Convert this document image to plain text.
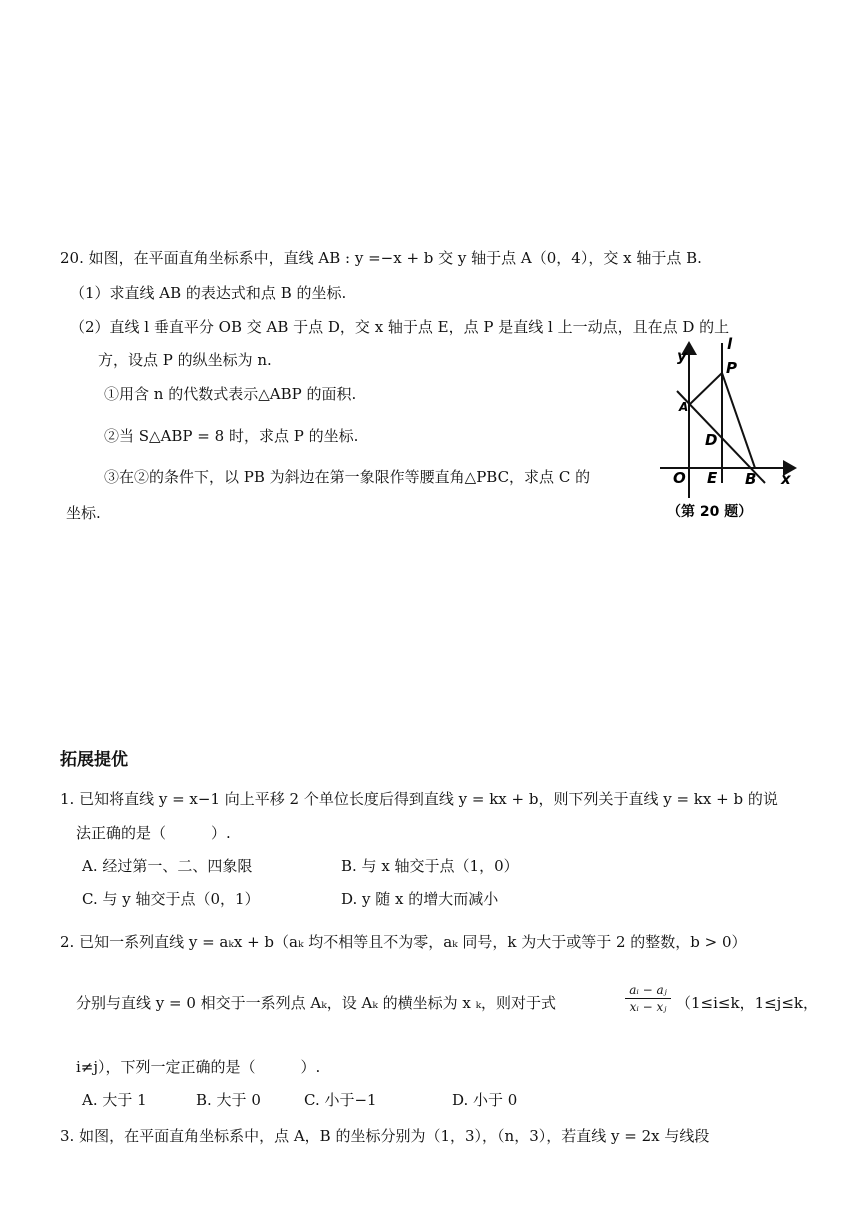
20. 如图，在平面直角坐标系中，直线 AB : y =−x + b 交 y 轴于点 A（0，4），交 x 轴于点 B.
（1）求直线 AB 的表达式和点 B 的坐标.
（2）直线 l 垂直平分 OB 交 AB 于点 D，交 x 轴于点 E，点 P 是直线 l 上一动点，且在点 D 的上
方，设点 P 的纵坐标为 n.
①用含 n 的代数式表示△ABP 的面积.
②当 S△ABP = 8 时，求点 P 的坐标.
③在②的条件下，以 PB 为斜边在第一象限作等腰直角△PBC，求点 C 的
坐标.
y
l
P
A
D
O E B x
（第 20 题）
拓展提优
1. 已知将直线 y = x−1 向上平移 2 个单位长度后得到直线 y = kx + b，则下列关于直线 y = kx + b 的说
法正确的是（　　　）.
A. 经过第一、二、四象限	B. 与 x 轴交于点（1，0）
C. 与 y 轴交于点（0，1）	D. y 随 x 的增大而减小
2. 已知一系列直线 y = aₖx + b（aₖ 均不相等且不为零，aₖ 同号，k 为大于或等于 2 的整数，b > 0）
分别与直线 y = 0 相交于一系列点 Aₖ，设 Aₖ 的横坐标为 x ₖ，则对于式
aᵢ − aⱼ
xᵢ − xⱼ （1≤i≤k，1≤j≤k，
i≠j），下列一定正确的是（　　　）.
A. 大于 1	B. 大于 0	C. 小于−1	D. 小于 0
3. 如图，在平面直角坐标系中，点 A，B 的坐标分别为（1，3），（n，3），若直线 y = 2x 与线段
